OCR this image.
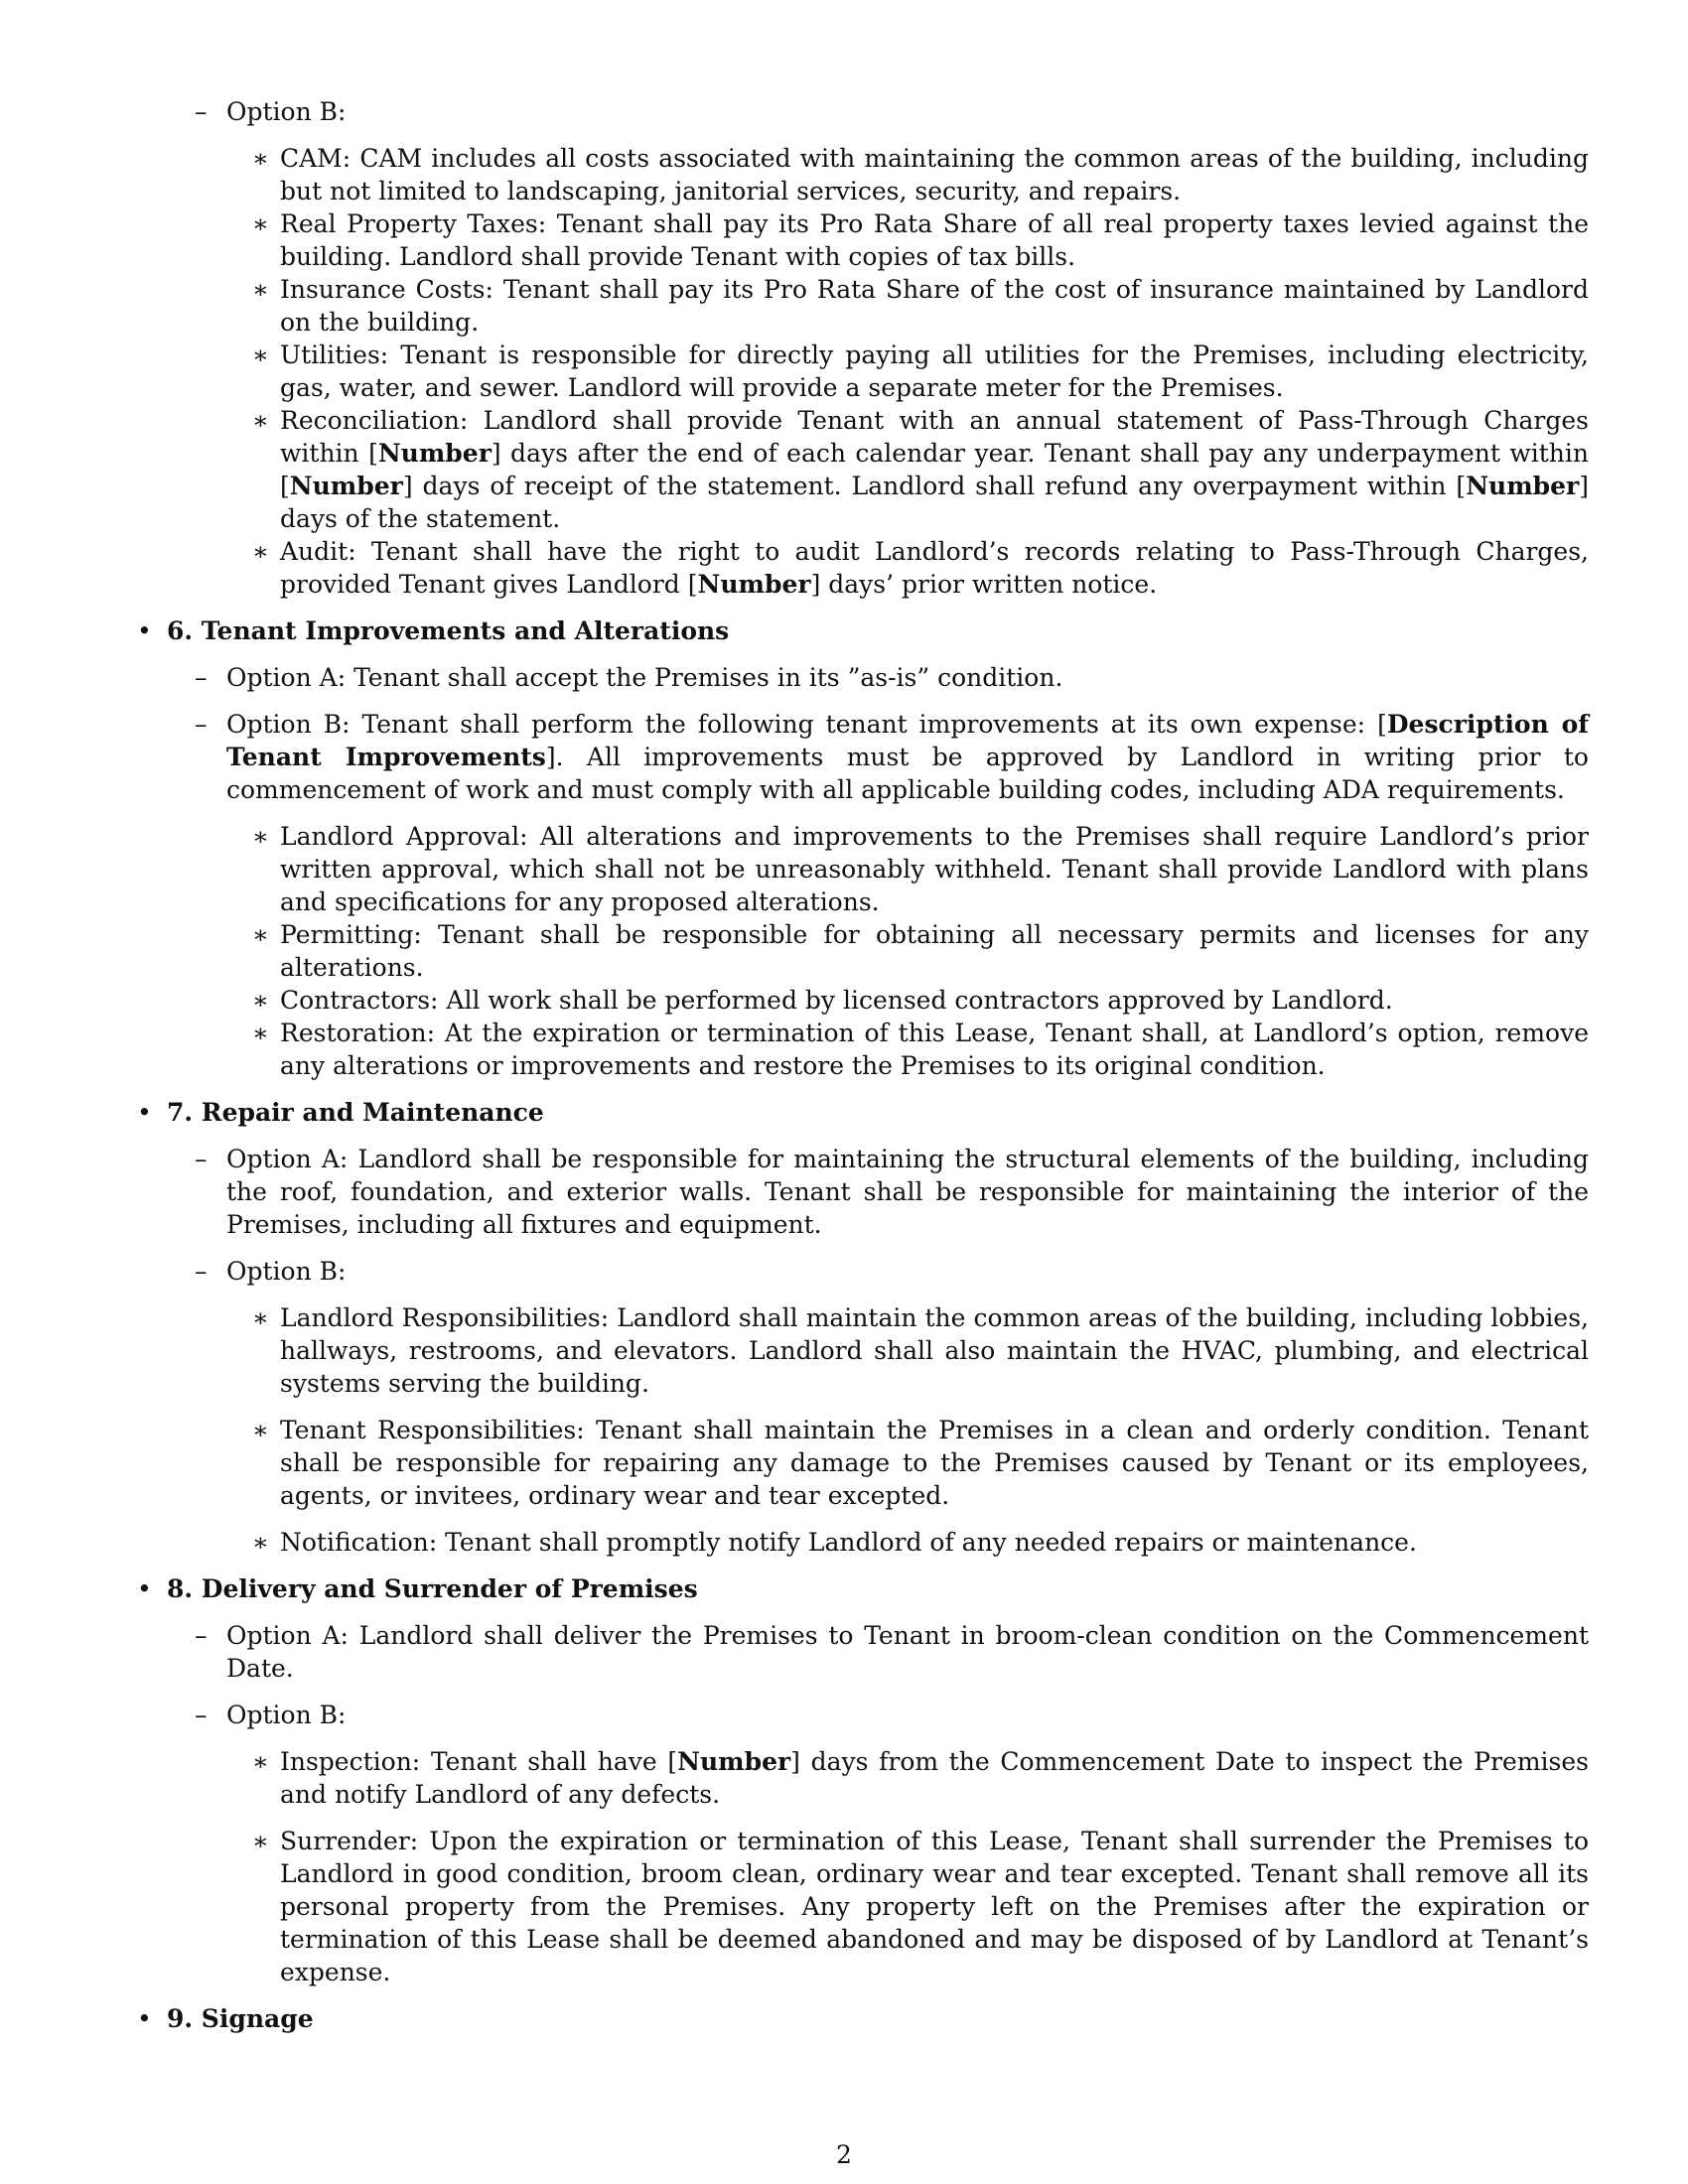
– Option B:
∗ CAM: CAM includes all costs associated with maintaining the common areas of the building, including but not limited to landscaping, janitorial services, security, and repairs.
∗ Real Property Taxes: Tenant shall pay its Pro Rata Share of all real property taxes levied against the building. Landlord shall provide Tenant with copies of tax bills.
∗ Insurance Costs: Tenant shall pay its Pro Rata Share of the cost of insurance maintained by Landlord on the building.
∗ Utilities: Tenant is responsible for directly paying all utilities for the Premises, including electricity, gas, water, and sewer. Landlord will provide a separate meter for the Premises.
∗ Reconciliation: Landlord shall provide Tenant with an annual statement of Pass-Through Charges within [Number] days after the end of each calendar year. Tenant shall pay any underpayment within [Number] days of receipt of the statement. Landlord shall refund any overpayment within [Number] days of the statement.
∗ Audit: Tenant shall have the right to audit Landlord’s records relating to Pass-Through Charges, provided Tenant gives Landlord [Number] days’ prior written notice.
• 6. Tenant Improvements and Alterations
– Option A: Tenant shall accept the Premises in its ”as-is” condition.
– Option B: Tenant shall perform the following tenant improvements at its own expense: [Description of Tenant Improvements]. All improvements must be approved by Landlord in writing prior to commencement of work and must comply with all applicable building codes, including ADA requirements.
∗ Landlord Approval: All alterations and improvements to the Premises shall require Landlord’s prior written approval, which shall not be unreasonably withheld. Tenant shall provide Landlord with plans and specifications for any proposed alterations.
∗ Permitting: Tenant shall be responsible for obtaining all necessary permits and licenses for any alterations.
∗ Contractors: All work shall be performed by licensed contractors approved by Landlord.
∗ Restoration: At the expiration or termination of this Lease, Tenant shall, at Landlord’s option, remove any alterations or improvements and restore the Premises to its original condition.
• 7. Repair and Maintenance
– Option A: Landlord shall be responsible for maintaining the structural elements of the building, including the roof, foundation, and exterior walls. Tenant shall be responsible for maintaining the interior of the Premises, including all fixtures and equipment.
– Option B:
∗ Landlord Responsibilities: Landlord shall maintain the common areas of the building, including lobbies, hallways, restrooms, and elevators. Landlord shall also maintain the HVAC, plumbing, and electrical systems serving the building.
∗ Tenant Responsibilities: Tenant shall maintain the Premises in a clean and orderly condition. Tenant shall be responsible for repairing any damage to the Premises caused by Tenant or its employees, agents, or invitees, ordinary wear and tear excepted.
∗ Notification: Tenant shall promptly notify Landlord of any needed repairs or maintenance.
• 8. Delivery and Surrender of Premises
– Option A: Landlord shall deliver the Premises to Tenant in broom-clean condition on the Commencement Date.
– Option B:
∗ Inspection: Tenant shall have [Number] days from the Commencement Date to inspect the Premises and notify Landlord of any defects.
∗ Surrender: Upon the expiration or termination of this Lease, Tenant shall surrender the Premises to Landlord in good condition, broom clean, ordinary wear and tear excepted. Tenant shall remove all its personal property from the Premises. Any property left on the Premises after the expiration or termination of this Lease shall be deemed abandoned and may be disposed of by Landlord at Tenant’s expense.
• 9. Signage
2
